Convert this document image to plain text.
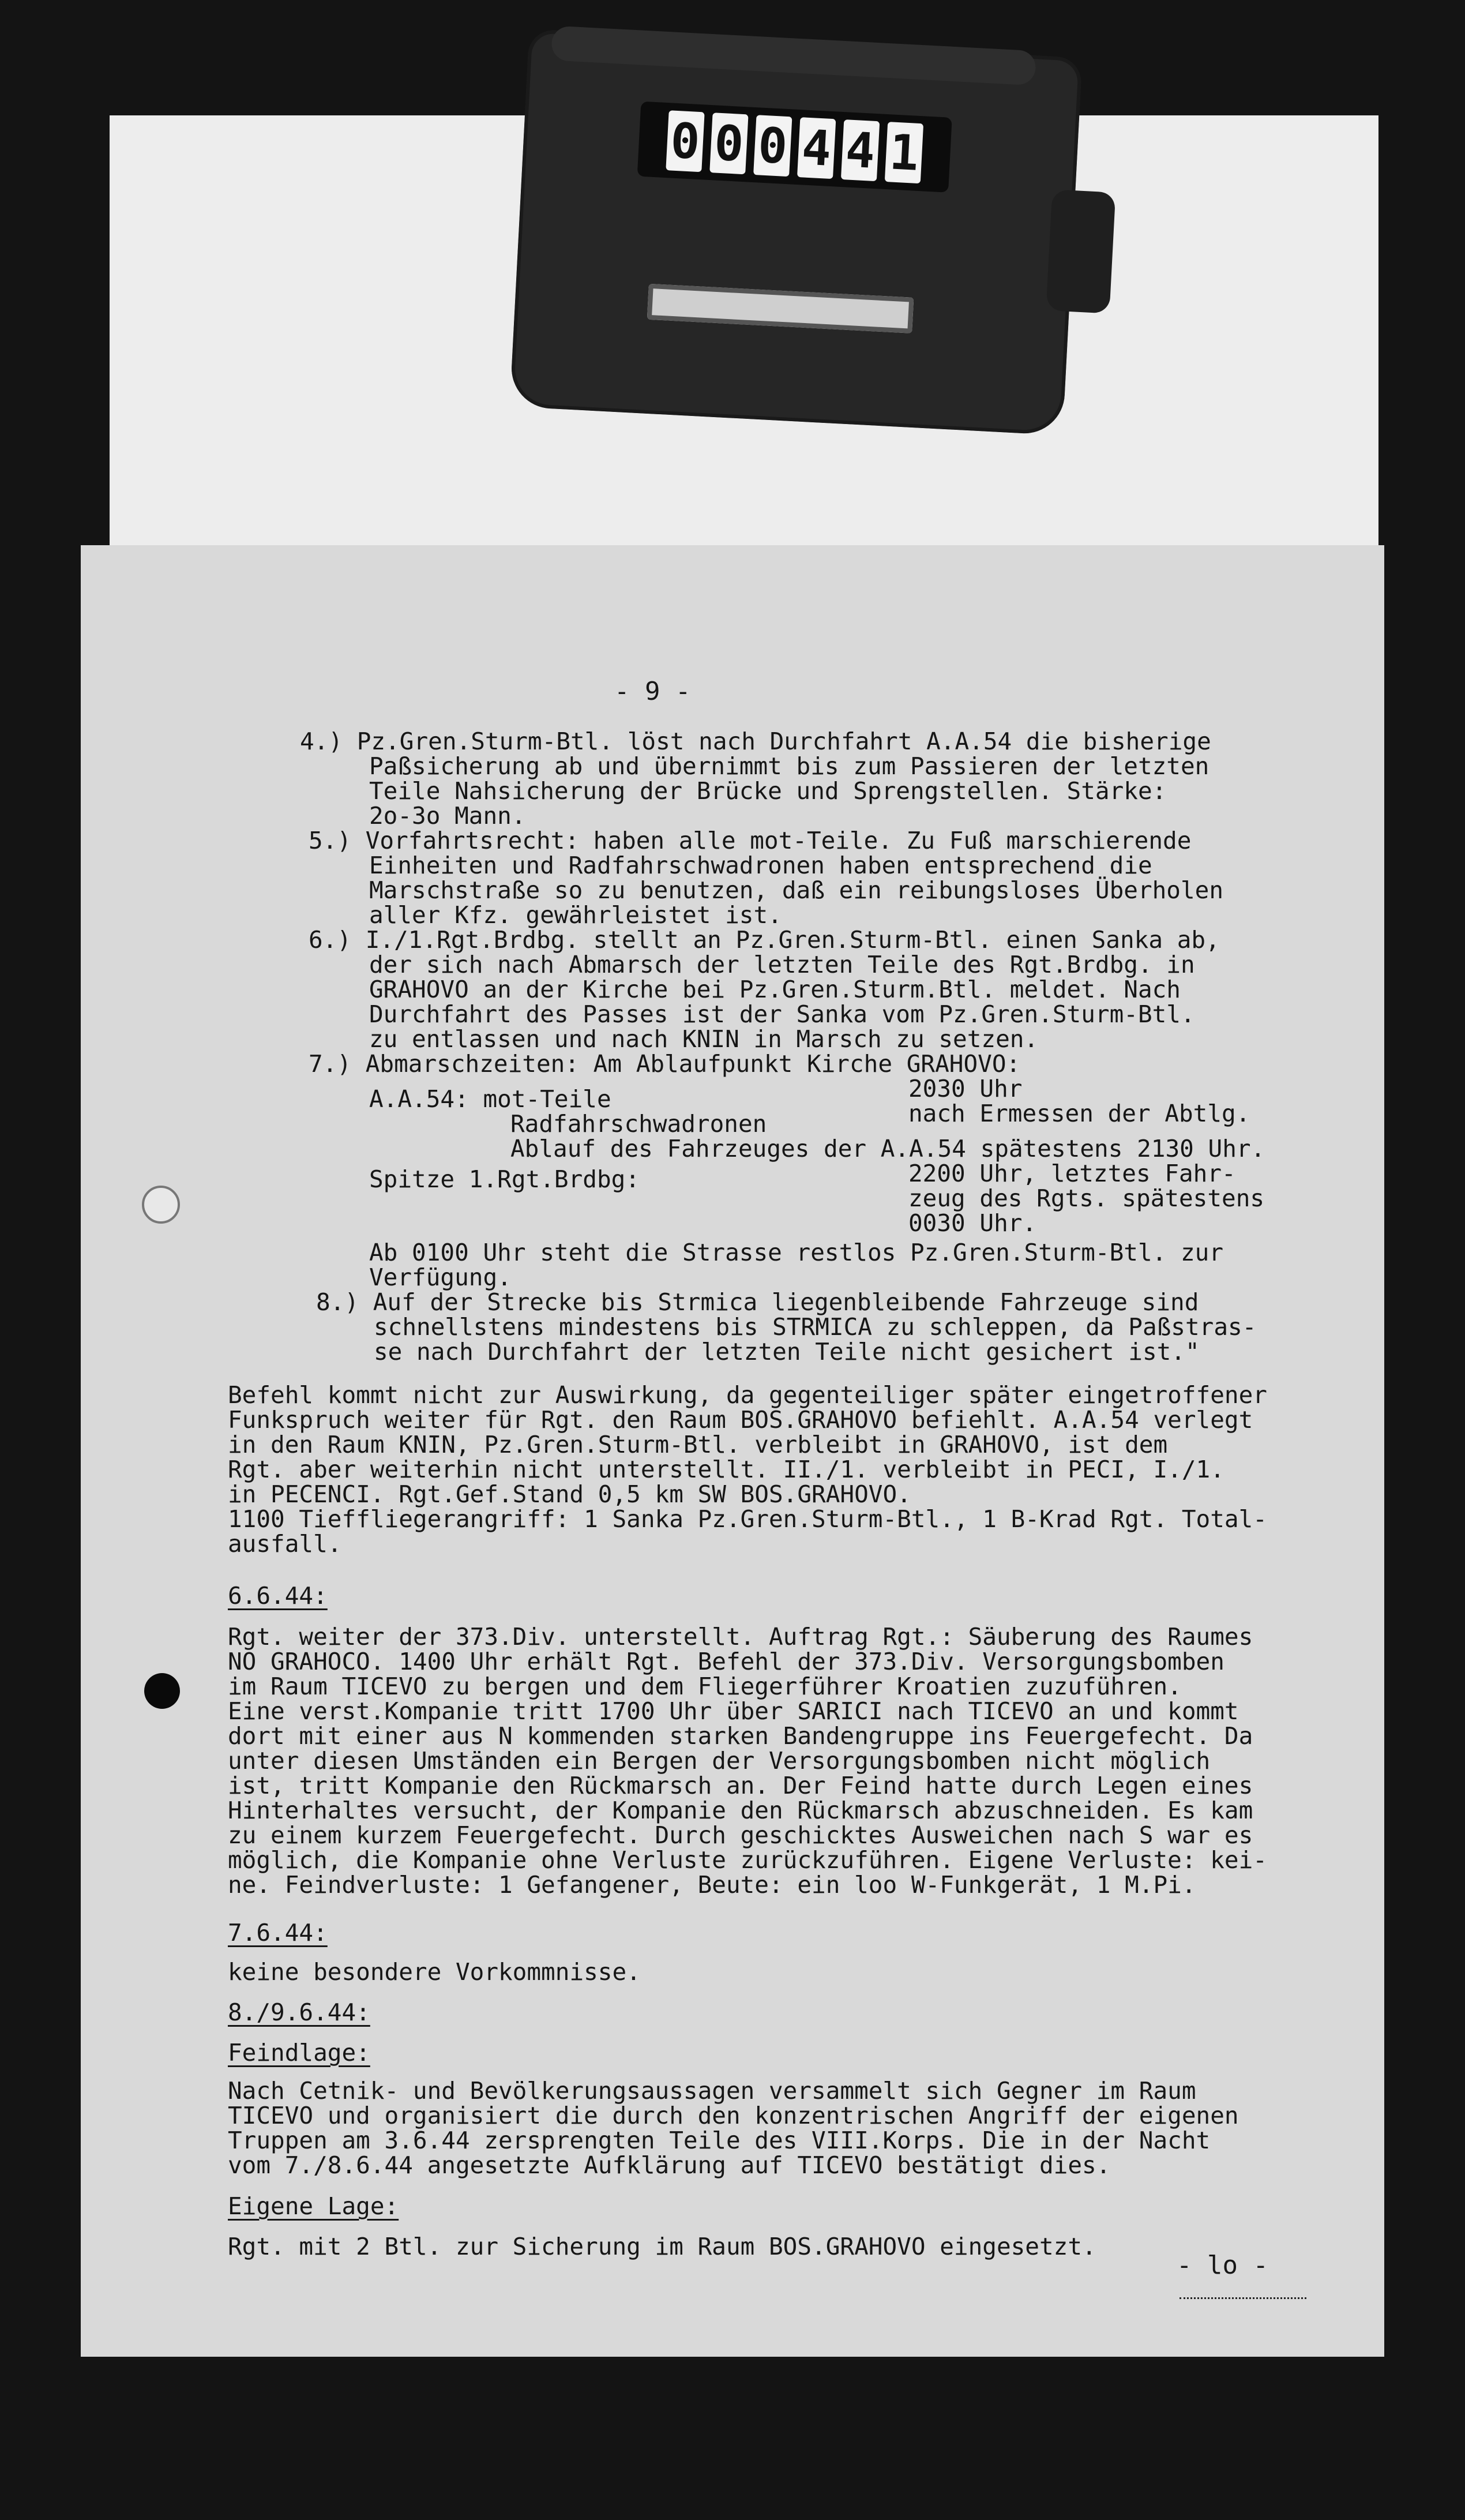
0 0 0 4 4 1
- 9 -
4.) Pz.Gren.Sturm-Btl. löst nach Durchfahrt A.A.54 die bisherige
Paßsicherung ab und übernimmt bis zum Passieren der letzten
Teile Nahsicherung der Brücke und Sprengstellen. Stärke:
2o-3o Mann.
5.) Vorfahrtsrecht: haben alle mot-Teile. Zu Fuß marschierende
Einheiten und Radfahrschwadronen haben entsprechend die
Marschstraße so zu benutzen, daß ein reibungsloses Überholen
aller Kfz. gewährleistet ist.
6.) I./1.Rgt.Brdbg. stellt an Pz.Gren.Sturm-Btl. einen Sanka ab,
der sich nach Abmarsch der letzten Teile des Rgt.Brdbg. in
GRAHOVO an der Kirche bei Pz.Gren.Sturm.Btl. meldet. Nach
Durchfahrt des Passes ist der Sanka vom Pz.Gren.Sturm-Btl.
zu entlassen und nach KNIN in Marsch zu setzen.
7.) Abmarschzeiten: Am Ablaufpunkt Kirche GRAHOVO:
2030 Uhr
A.A.54: mot-Teile
nach Ermessen der Abtlg.
Radfahrschwadronen
Ablauf des Fahrzeuges der A.A.54 spätestens 2130 Uhr.
Spitze 1.Rgt.Brdbg:	2200 Uhr, letztes Fahr-
zeug des Rgts. spätestens
0030 Uhr.
Ab 0100 Uhr steht die Strasse restlos Pz.Gren.Sturm-Btl. zur
Verfügung.
8.) Auf der Strecke bis Strmica liegenbleibende Fahrzeuge sind
schnellstens mindestens bis STRMICA zu schleppen, da Paßstras-
se nach Durchfahrt der letzten Teile nicht gesichert ist."
Befehl kommt nicht zur Auswirkung, da gegenteiliger später eingetroffener
Funkspruch weiter für Rgt. den Raum BOS.GRAHOVO befiehlt. A.A.54 verlegt
in den Raum KNIN, Pz.Gren.Sturm-Btl. verbleibt in GRAHOVO, ist dem
Rgt. aber weiterhin nicht unterstellt. II./1. verbleibt in PECI, I./1.
in PECENCI. Rgt.Gef.Stand 0,5 km SW BOS.GRAHOVO.
1100 Tieffliegerangriff: 1 Sanka Pz.Gren.Sturm-Btl., 1 B-Krad Rgt. Total-
ausfall.
6.6.44:
Rgt. weiter der 373.Div. unterstellt. Auftrag Rgt.: Säuberung des Raumes
NO GRAHOCO. 1400 Uhr erhält Rgt. Befehl der 373.Div. Versorgungsbomben
im Raum TICEVO zu bergen und dem Fliegerführer Kroatien zuzuführen.
Eine verst.Kompanie tritt 1700 Uhr über SARICI nach TICEVO an und kommt
dort mit einer aus N kommenden starken Bandengruppe ins Feuergefecht. Da
unter diesen Umständen ein Bergen der Versorgungsbomben nicht möglich
ist, tritt Kompanie den Rückmarsch an. Der Feind hatte durch Legen eines
Hinterhaltes versucht, der Kompanie den Rückmarsch abzuschneiden. Es kam
zu einem kurzem Feuergefecht. Durch geschicktes Ausweichen nach S war es
möglich, die Kompanie ohne Verluste zurückzuführen. Eigene Verluste: kei-
ne. Feindverluste: 1 Gefangener, Beute: ein loo W-Funkgerät, 1 M.Pi.
7.6.44:
keine besondere Vorkommnisse.
8./9.6.44:
Feindlage:
Nach Cetnik- und Bevölkerungsaussagen versammelt sich Gegner im Raum
TICEVO und organisiert die durch den konzentrischen Angriff der eigenen
Truppen am 3.6.44 zersprengten Teile des VIII.Korps. Die in der Nacht
vom 7./8.6.44 angesetzte Aufklärung auf TICEVO bestätigt dies.
Eigene Lage:
Rgt. mit 2 Btl. zur Sicherung im Raum BOS.GRAHOVO eingesetzt.
- lo -
